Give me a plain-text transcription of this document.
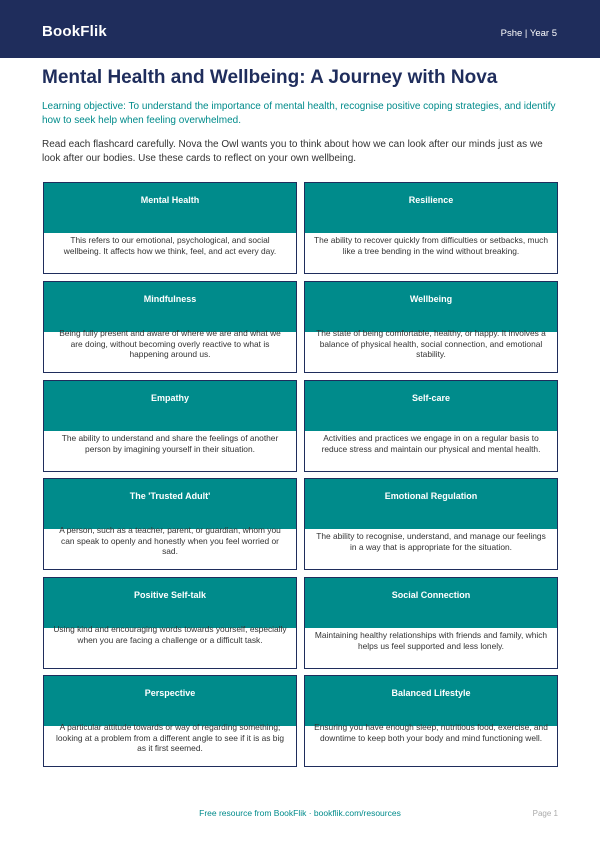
BookFlik	Pshe | Year 5
Mental Health and Wellbeing: A Journey with Nova

Learning objective: To understand the importance of mental health, recognise positive coping strategies, and identify how to seek help when feeling overwhelmed.

Read each flashcard carefully. Nova the Owl wants you to think about how we can look after our minds just as we look after our bodies. Use these cards to reflect on your own wellbeing.

Mental Health
This refers to our emotional, psychological, and social wellbeing. It affects how we think, feel, and act every day.
Resilience
The ability to recover quickly from difficulties or setbacks, much like a tree bending in the wind without breaking.
Mindfulness
Being fully present and aware of where we are and what we are doing, without becoming overly reactive to what is happening around us.
Wellbeing
The state of being comfortable, healthy, or happy. It involves a balance of physical health, social connection, and emotional stability.
Empathy
The ability to understand and share the feelings of another person by imagining yourself in their situation.
Self-care
Activities and practices we engage in on a regular basis to reduce stress and maintain our physical and mental health.
The 'Trusted Adult'
A person, such as a teacher, parent, or guardian, whom you can speak to openly and honestly when you feel worried or sad.
Emotional Regulation
The ability to recognise, understand, and manage our feelings in a way that is appropriate for the situation.
Positive Self-talk
Using kind and encouraging words towards yourself, especially when you are facing a challenge or a difficult task.
Social Connection
Maintaining healthy relationships with friends and family, which helps us feel supported and less lonely.
Perspective
A particular attitude towards or way of regarding something; looking at a problem from a different angle to see if it is as big as it first seemed.
Balanced Lifestyle
Ensuring you have enough sleep, nutritious food, exercise, and downtime to keep both your body and mind functioning well.
Free resource from BookFlik · bookflik.com/resources	Page 1
